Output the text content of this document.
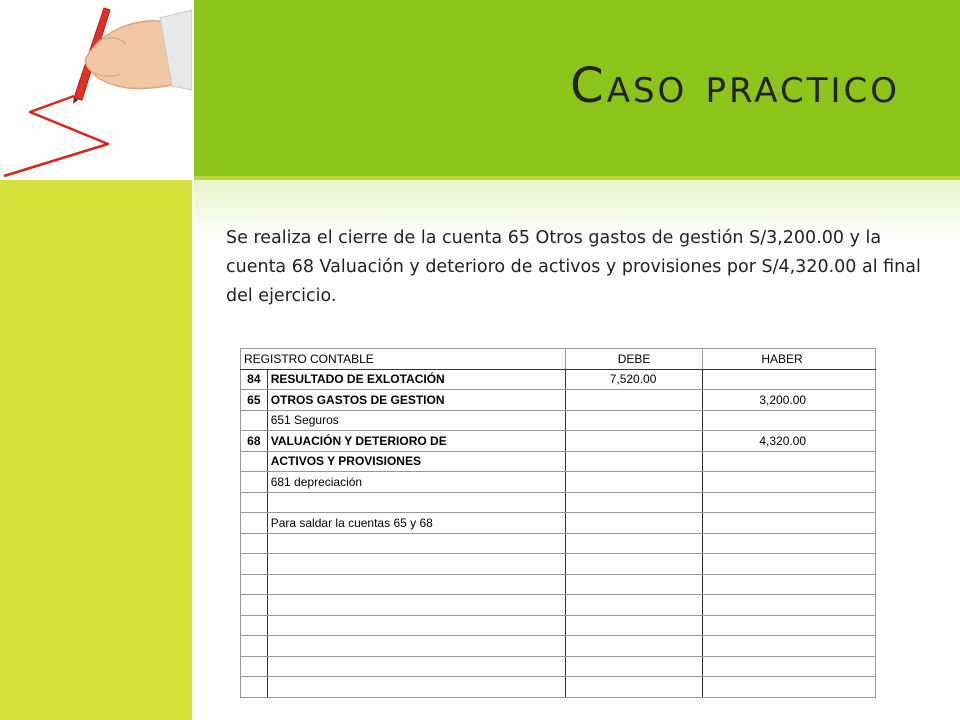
Caso practico
Se realiza el cierre de la cuenta 65 Otros gastos de gestión S/3,200.00 y la cuenta 68 Valuación y deterioro de activos y provisiones por S/4,320.00 al final del ejercicio.
REGISTRO CONTABLE		DEBE	HABER
84	RESULTADO DE EXLOTACIÓN	7,520.00	
65	OTROS GASTOS DE GESTION		3,200.00
	651 Seguros		
68	VALUACIÓN Y DETERIORO DE		4,320.00
	ACTIVOS Y PROVISIONES		
	681 depreciación		

	Para saldar la cuentas 65 y 68		
